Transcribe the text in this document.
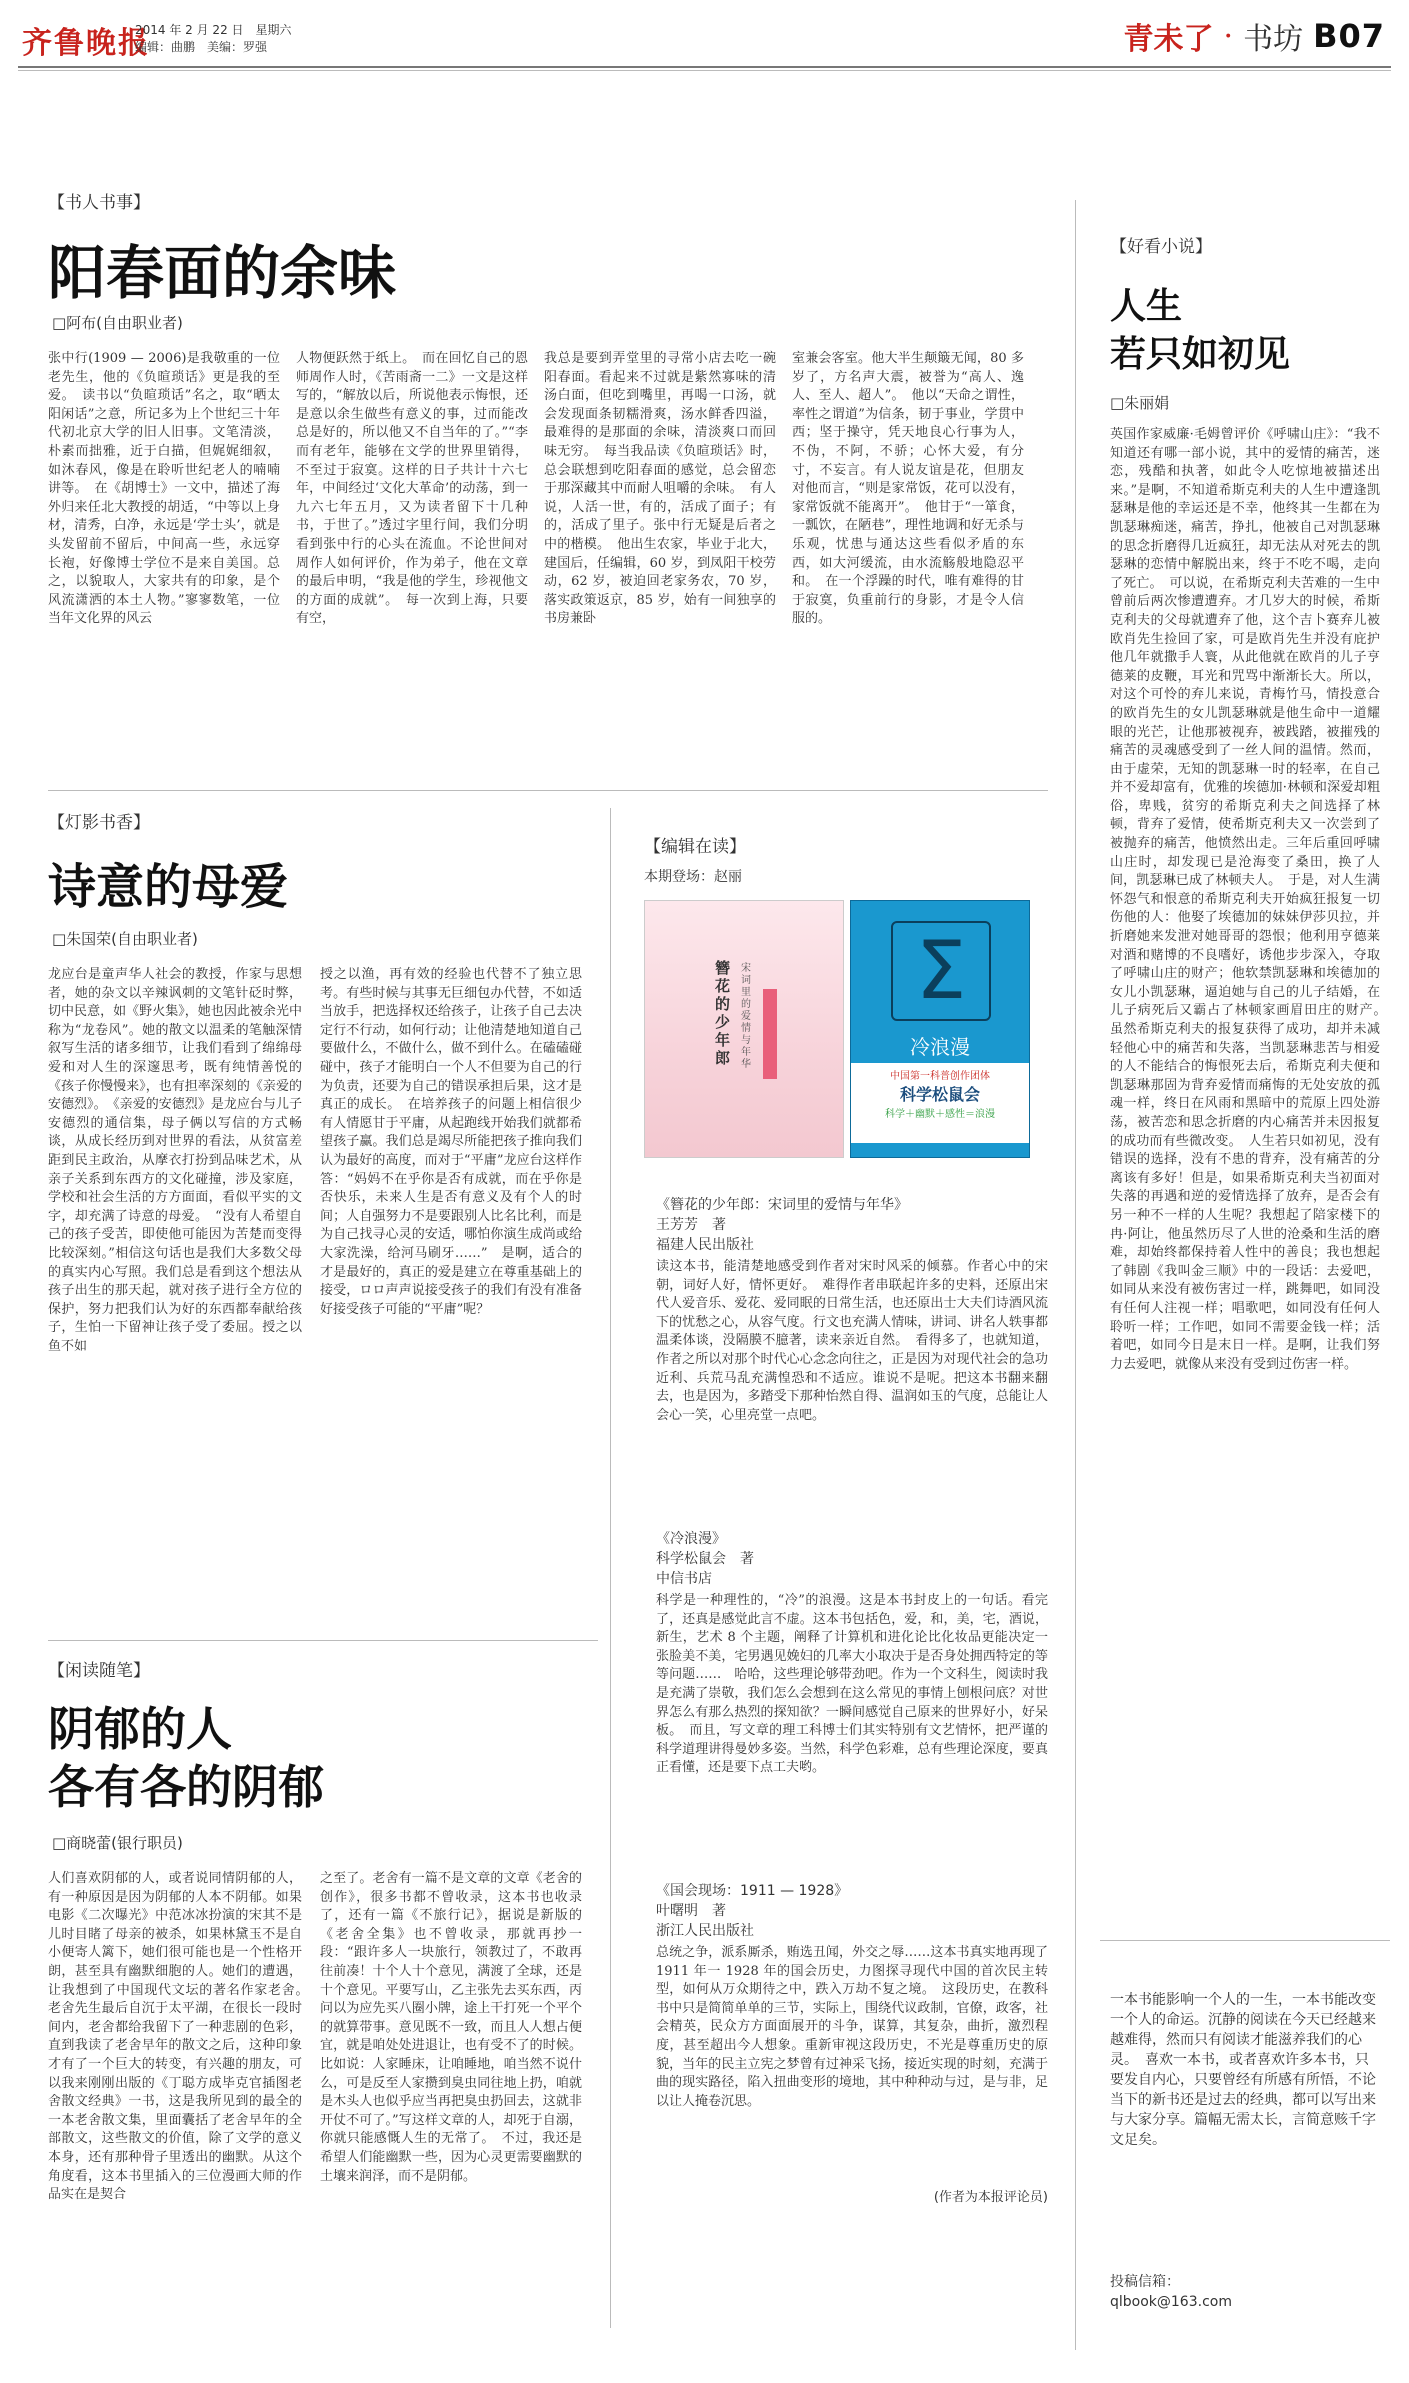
齐鲁晚报
2014 年 2 月 22 日　星期六
编辑：曲鹏　美编：罗强	青未了 · 书坊 B07
【书人书事】
阳春面的余味
□阿布(自由职业者)
张中行(1909 — 2006)是我敬重的一位老先生，他的《负暄琐话》更是我的至爱。　读书以“负暄琐话”名之，取“晒太阳闲话”之意，所记多为上个世纪三十年代初北京大学的旧人旧事。文笔清淡，朴素而拙雅，近于白描，但娓娓细叙，如沐春风，像是在聆听世纪老人的喃喃讲等。　在《胡博士》一文中，描述了海外归来任北大教授的胡适，“中等以上身材，清秀，白净，永远是‘学士头’，就是头发留前不留后，中间高一些，永远穿长袍，好像博士学位不是来自美国。总之，以貌取人，大家共有的印象，是个风流潇洒的本土人物。”寥寥数笔，一位当年文化界的风云
人物便跃然于纸上。　而在回忆自己的恩师周作人时，《苦雨斋一二》一文是这样写的，“解放以后，所说他表示悔恨，还是意以余生做些有意义的事，过而能改总是好的，所以他又不自当年的了。”“李而有老年，能够在文学的世界里销得，不至过于寂寞。这样的日子共计十六七年，中间经过‘文化大革命’的动荡，到一九六七年五月，又为读者留下十几种书，于世了。”透过字里行间，我们分明看到张中行的心头在流血。不论世间对周作人如何评价，作为弟子，他在文章的最后申明，“我是他的学生，珍视他文的方面的成就”。　每一次到上海，只要有空，
我总是要到弄堂里的寻常小店去吃一碗阳春面。看起来不过就是紫然寡味的清汤白面，但吃到嘴里，再喝一口汤，就会发现面条韧糯滑爽，汤水鲜香四溢，最难得的是那面的余味，清淡爽口而回味无穷。　每当我品读《负暄琐话》时，总会联想到吃阳春面的感觉，总会留恋于那深藏其中而耐人咀嚼的余味。　有人说，人活一世，有的，活成了面子；有的，活成了里子。张中行无疑是后者之中的楷模。　他出生农家，毕业于北大，建国后，任编辑，60 岁，到凤阳干校劳动，62 岁，被迫回老家务农，70 岁，落实政策返京，85 岁，始有一间独享的书房兼卧
室兼会客室。他大半生颠簸无闻，80 多岁了，方名声大震，被誉为“高人、逸人、至人、超人”。　他以“天命之谓性，率性之谓道”为信条，韧于事业，学贯中西；坚于操守，凭天地良心行事为人，不伪，不阿，不骄；心怀大爱，有分寸，不妄言。有人说友谊是花，但朋友对他而言，“则是家常饭，花可以没有，家常饭就不能离开”。　他甘于“一箪食，一瓢饮，在陋巷”，理性地调和好无杀与乐观，忧患与通达这些看似矛盾的东西，如大河缓流，由水流觞般地隐忍平和。　在一个浮躁的时代，唯有难得的甘于寂寞，负重前行的身影，才是令人信服的。
【灯影书香】
诗意的母爱
□朱国荣(自由职业者)
龙应台是童声华人社会的教授，作家与思想者，她的杂文以辛辣讽刺的文笔针砭时弊，切中民意，如《野火集》，她也因此被余光中称为“龙卷风”。她的散文以温柔的笔触深情叙写生活的诸多细节，让我们看到了绵绵母爱和对人生的深邃思考，既有纯情善悦的《孩子你慢慢来》，也有担率深刻的《亲爱的安德烈》。　《亲爱的安德烈》是龙应台与儿子安德烈的通信集，母子俩以写信的方式畅谈，从成长经历到对世界的看法，从贫富差距到民主政治，从摩衣打扮到品味艺术，从亲子关系到东西方的文化碰撞，涉及家庭，学校和社会生活的方方面面，看似平实的文字，却充满了诗意的母爱。　“没有人希望自己的孩子受苦，即使他可能因为苦楚而变得比较深刻。”相信这句话也是我们大多数父母的真实内心写照。我们总是看到这个想法从孩子出生的那天起，就对孩子进行全方位的保护，努力把我们认为好的东西都奉献给孩子，生怕一下留神让孩子受了委屈。授之以鱼不如
授之以渔，再有效的经验也代替不了独立思考。有些时候与其事无巨细包办代替，不如适当放手，把选择权还给孩子，让孩子自己去决定行不行动，如何行动；让他清楚地知道自己要做什么，不做什么，做不到什么。在磕磕碰碰中，孩子才能明白一个人不但要为自己的行为负责，还要为自己的错误承担后果，这才是真正的成长。　在培养孩子的问题上相信很少有人情愿甘于平庸，从起跑线开始我们就都希望孩子赢。我们总是竭尽所能把孩子推向我们认为最好的高度，而对于“平庸”龙应台这样作答：“妈妈不在乎你是否有成就，而在乎你是否快乐，未来人生是否有意义及有个人的时间；人自强努力不是要跟别人比名比利，而是为自己找寻心灵的安适，哪怕你演生成尚或给大家洗澡，给河马刷牙……”　是啊，适合的才是最好的，真正的爱是建立在尊重基础上的接受，ロロ声声说接受孩子的我们有没有准备好接受孩子可能的“平庸”呢？
【闲读随笔】
阴郁的人
各有各的阴郁
□商晓蕾(银行职员)
人们喜欢阴郁的人，或者说同情阴郁的人，有一种原因是因为阴郁的人本不阴郁。如果电影《二次曝光》中范冰冰扮演的宋其不是儿时目睹了母亲的被杀，如果林黛玉不是自小便寄人篱下，她们很可能也是一个性格开朗，甚至具有幽默细胞的人。她们的遭遇，让我想到了中国现代文坛的著名作家老舍。　老舍先生最后自沉于太平湖，在很长一段时间内，老舍都给我留下了一种悲剧的色彩，直到我读了老舍早年的散文之后，这种印象才有了一个巨大的转变，有兴趣的朋友，可以我来刚刚出版的《丁聪方成毕克官插图老舍散文经典》一书，这是我所见到的最全的一本老舍散文集，里面囊括了老舍早年的全部散文，这些散文的价值，除了文学的意义本身，还有那种骨子里透出的幽默。从这个角度看，这本书里插入的三位漫画大师的作品实在是契合
之至了。老舍有一篇不是文章的文章《老舍的创作》，很多书都不曾收录，这本书也收录了，还有一篇《不旅行记》，据说是新版的《老舍全集》也不曾收录，那就再抄一段：“跟许多人一块旅行，领教过了，不敢再往前凑！十个人十个意见，满渡了全球，还是十个意见。平要写山，乙主张先去买东西，丙问以为应先买八圈小牌，途上干打死一个平个的就算带事。意见既不一致，而且人人想占便宜，就是咱处处进退让，也有受不了的时候。比如说：人家睡床，让咱睡地，咱当然不说什么，可是反至人家攒到臭虫同往地上扔，咱就是木头人也似乎应当再把臭虫扔回去，这就非开仗不可了。”写这样文章的人，却死于自溺，你就只能感慨人生的无常了。　不过，我还是希望人们能幽默一些，因为心灵更需要幽默的土壤来润泽，而不是阴郁。
【编辑在读】
本期登场：赵丽
簪花的少年郎
宋词里的爱情与年华
Σ
冷浪漫
中国第一科普创作团体
科学松鼠会
科学＋幽默＋感性＝浪漫
《簪花的少年郎：宋词里的爱情与年华》
王芳芳　著
福建人民出版社
读这本书，能清楚地感受到作者对宋时风采的倾慕。作者心中的宋朝，词好人好，情怀更好。　难得作者串联起许多的史料，还原出宋代人爱音乐、爱花、爱同眠的日常生活，也还原出士大夫们诗酒风流下的忧愁之心，从容气度。行文也充满人情味，讲词、讲名人轶事都温柔体谈，没隔膜不臆著，读来亲近自然。　看得多了，也就知道，作者之所以对那个时代心心念念向往之，正是因为对现代社会的急功近利、兵荒马乱充满惶恐和不适应。谁说不是呢。把这本书翻来翻去，也是因为，多踏受下那种怡然自得、温润如玉的气度，总能让人会心一笑，心里亮堂一点吧。
《冷浪漫》
科学松鼠会　著
中信书店
科学是一种理性的，“冷”的浪漫。这是本书封皮上的一句话。看完了，还真是感觉此言不虚。这本书包括色，爱，和，美，宅，酒说，新生，艺术 8 个主题，阐释了计算机和进化论比化妆品更能决定一张脸美不美，宅男遇见娩妇的几率大小取决于是否身处拥西特定的等等问题……　哈哈，这些理论够带劲吧。作为一个文科生，阅读时我是充满了崇敬，我们怎么会想到在这么常见的事情上刨根问底？对世界怎么有那么热烈的探知欲？一瞬间感觉自己原来的世界好小，好呆板。　而且，写文章的理工科博士们其实特别有文艺情怀，把严谨的科学道理讲得曼妙多姿。当然，科学色彩难，总有些理论深度，要真正看懂，还是要下点工夫哟。
《国会现场：1911 — 1928》
叶曙明　著
浙江人民出版社
总统之争，派系厮杀，贿选丑闻，外交之辱……这本书真实地再现了 1911 年一 1928 年的国会历史，力图探寻现代中国的首次民主转型，如何从万众期待之中，跌入万劫不复之境。　这段历史，在教科书中只是简简单单的三节，实际上，围绕代议政制，官僚，政客，社会精英，民众方方面面展开的斗争，谋算，其复杂，曲折，激烈程度，甚至超出今人想象。重新审视这段历史，不光是尊重历史的原貌，当年的民主立宪之梦曾有过神采飞扬，接近实现的时刻，充满于曲的现实路径，陷入扭曲变形的境地，其中种种动与过，是与非，足以让人掩卷沉思。
(作者为本报评论员)
【好看小说】
人生
若只如初见
□朱丽娟
英国作家威廉·毛姆曾评价《呼啸山庄》：“我不知道还有哪一部小说，其中的爱情的痛苦，迷恋，残酷和执著，如此令人吃惊地被描述出来。”是啊，不知道希斯克利夫的人生中遭逢凯瑟琳是他的幸运还是不幸，他终其一生都在为凯瑟琳痴迷，痛苦，挣扎，他被自己对凯瑟琳的思念折磨得几近疯狂，却无法从对死去的凯瑟琳的恋情中解脱出来，终于不吃不喝，走向了死亡。　可以说，在希斯克利夫苦难的一生中曾前后两次惨遭遭弃。才几岁大的时候，希斯克利夫的父母就遭弃了他，这个吉卜赛弃儿被欧肖先生捡回了家，可是欧肖先生并没有庇护他几年就撒手人寰，从此他就在欧肖的儿子亨德莱的皮鞭，耳光和咒骂中渐渐长大。所以，对这个可怜的弃儿来说，青梅竹马，情投意合的欧肖先生的女儿凯瑟琳就是他生命中一道耀眼的光芒，让他那被视弃，被践踏，被摧残的痛苦的灵魂感受到了一丝人间的温情。然而，由于虚荣，无知的凯瑟琳一时的轻率，在自己并不爱却富有，优雅的埃德加·林顿和深爱却粗俗，卑贱，贫穷的希斯克利夫之间选择了林顿，背弃了爱情，使希斯克利夫又一次尝到了被抛弃的痛苦，他愤然出走。三年后重回呼啸山庄时，却发现已是沧海变了桑田，换了人间，凯瑟琳已成了林顿夫人。　于是，对人生满怀怨气和恨意的希斯克利夫开始疯狂报复一切伤他的人：他娶了埃德加的妹妹伊莎贝拉，并折磨她来发泄对她哥哥的怨恨；他利用亨德莱对酒和赌博的不良嗜好，诱他步步深入，夺取了呼啸山庄的财产；他软禁凯瑟琳和埃德加的女儿小凯瑟琳，逼迫她与自己的儿子结婚，在儿子病死后又霸占了林顿家画眉田庄的财产。　虽然希斯克利夫的报复获得了成功，却并未减轻他心中的痛苦和失落，当凯瑟琳悲苦与相爱的人不能结合的悔恨死去后，希斯克利夫便和凯瑟琳那固为背弃爱情而痛悔的无处安放的孤魂一样，终日在风雨和黑暗中的荒原上四处游荡，被苦恋和思念折磨的内心痛苦并未因报复的成功而有些微改变。　人生若只如初见，没有错误的选择，没有不患的背弃，没有痛苦的分离该有多好！但是，如果希斯克利夫当初面对失落的再遇和逆的爱情选择了放弃，是否会有另一种不一样的人生呢？我想起了陪家楼下的冉·阿让，他虽然历尽了人世的沧桑和生活的磨难，却始终都保持着人性中的善良；我也想起了韩剧《我叫金三顺》中的一段话：去爱吧，如同从来没有被伤害过一样，跳舞吧，如同没有任何人注视一样；唱歌吧，如同没有任何人聆听一样；工作吧，如同不需要金钱一样；活着吧，如同今日是末日一样。是啊，让我们努力去爱吧，就像从来没有受到过伤害一样。
一本书能影响一个人的一生，一本书能改变一个人的命运。沉静的阅读在今天已经越来越难得，然而只有阅读才能滋养我们的心灵。　喜欢一本书，或者喜欢许多本书，只要发自内心，只要曾经有所感有所悟，不论当下的新书还是过去的经典，都可以写出来与大家分享。篇幅无需太长，言简意赅千字文足矣。
投稿信箱：
qlbook@163.com
